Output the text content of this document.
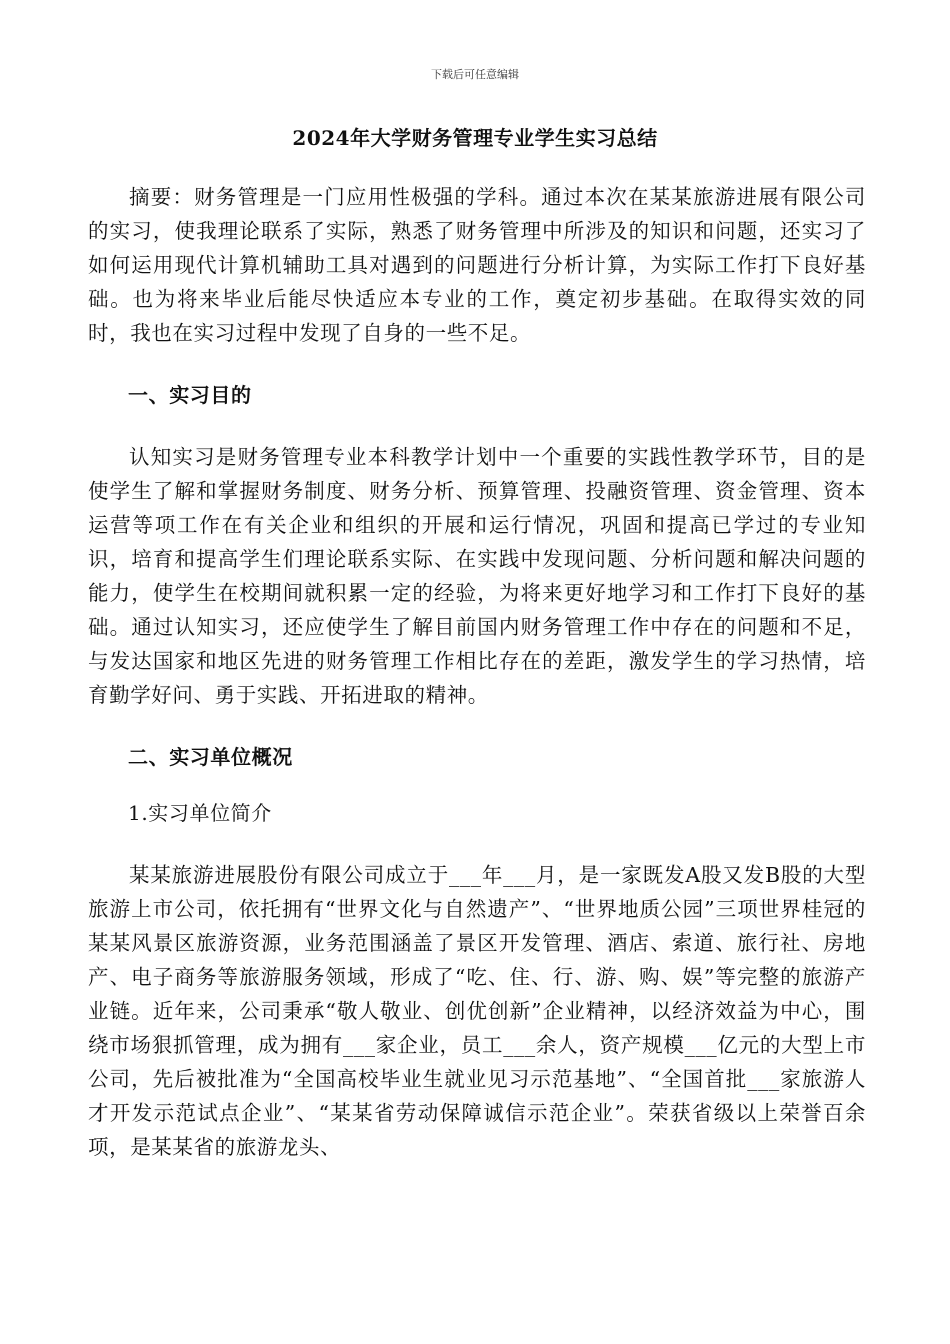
下载后可任意编辑
2024年大学财务管理专业学生实习总结

摘要：财务管理是一门应用性极强的学科。通过本次在某某旅游进展有限公司的实习，使我理论联系了实际，熟悉了财务管理中所涉及的知识和问题，还实习了如何运用现代计算机辅助工具对遇到的问题进行分析计算，为实际工作打下良好基础。也为将来毕业后能尽快适应本专业的工作，奠定初步基础。在取得实效的同时，我也在实习过程中发现了自身的一些不足。

一、实习目的

认知实习是财务管理专业本科教学计划中一个重要的实践性教学环节，目的是使学生了解和掌握财务制度、财务分析、预算管理、投融资管理、资金管理、资本运营等项工作在有关企业和组织的开展和运行情况，巩固和提高已学过的专业知识，培育和提高学生们理论联系实际、在实践中发现问题、分析问题和解决问题的能力，使学生在校期间就积累一定的经验，为将来更好地学习和工作打下良好的基础。通过认知实习，还应使学生了解目前国内财务管理工作中存在的问题和不足，与发达国家和地区先进的财务管理工作相比存在的差距，激发学生的学习热情，培育勤学好问、勇于实践、开拓进取的精神。

二、实习单位概况

1.实习单位简介

某某旅游进展股份有限公司成立于___年___月，是一家既发A股又发B股的大型旅游上市公司，依托拥有“世界文化与自然遗产”、“世界地质公园”三项世界桂冠的某某风景区旅游资源，业务范围涵盖了景区开发管理、酒店、索道、旅行社、房地产、电子商务等旅游服务领域，形成了“吃、住、行、游、购、娱”等完整的旅游产业链。近年来，公司秉承“敬人敬业、创优创新”企业精神，以经济效益为中心，围绕市场狠抓管理，成为拥有___家企业，员工___余人，资产规模___亿元的大型上市公司，先后被批准为“全国高校毕业生就业见习示范基地”、“全国首批___家旅游人才开发示范试点企业”、“某某省劳动保障诚信示范企业”。荣获省级以上荣誉百余项，是某某省的旅游龙头、
